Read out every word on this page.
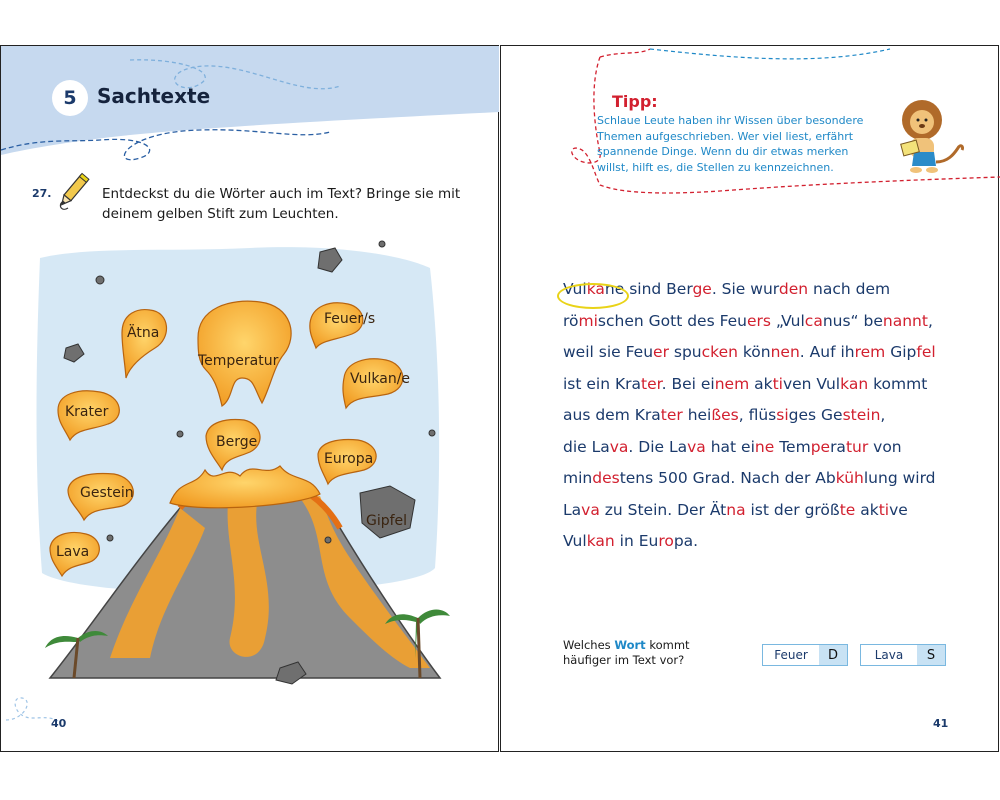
5	Sachtexte
27.	Entdeckst du die Wörter auch im Text? Bringe sie mit deinem gelben Stift zum Leuchten.
Ätna
Temperatur
Feuer/s
Vulkan/e
Krater
Berge
Europa
Gestein
Gipfel
Lava
40
Tipp:
Schlaue Leute haben ihr Wissen über besondere Themen aufgeschrieben. Wer viel liest, erfährt spannende Dinge. Wenn du dir etwas merken willst, hilft es, die Stellen zu kennzeichnen.
Vulkane sind Berge. Sie wurden nach dem
römischen Gott des Feuers „Vulcanus“ benannt,
weil sie Feuer spucken können. Auf ihrem Gipfel
ist ein Krater. Bei einem aktiven Vulkan kommt
aus dem Krater heißes, flüssiges Gestein,
die Lava. Die Lava hat eine Temperatur von
mindestens 500 Grad. Nach der Abkühlung wird
Lava zu Stein. Der Ätna ist der größte aktive
Vulkan in Europa.
Welches Wort kommt
häufiger im Text vor?	Feuer	D	Lava	S
41
